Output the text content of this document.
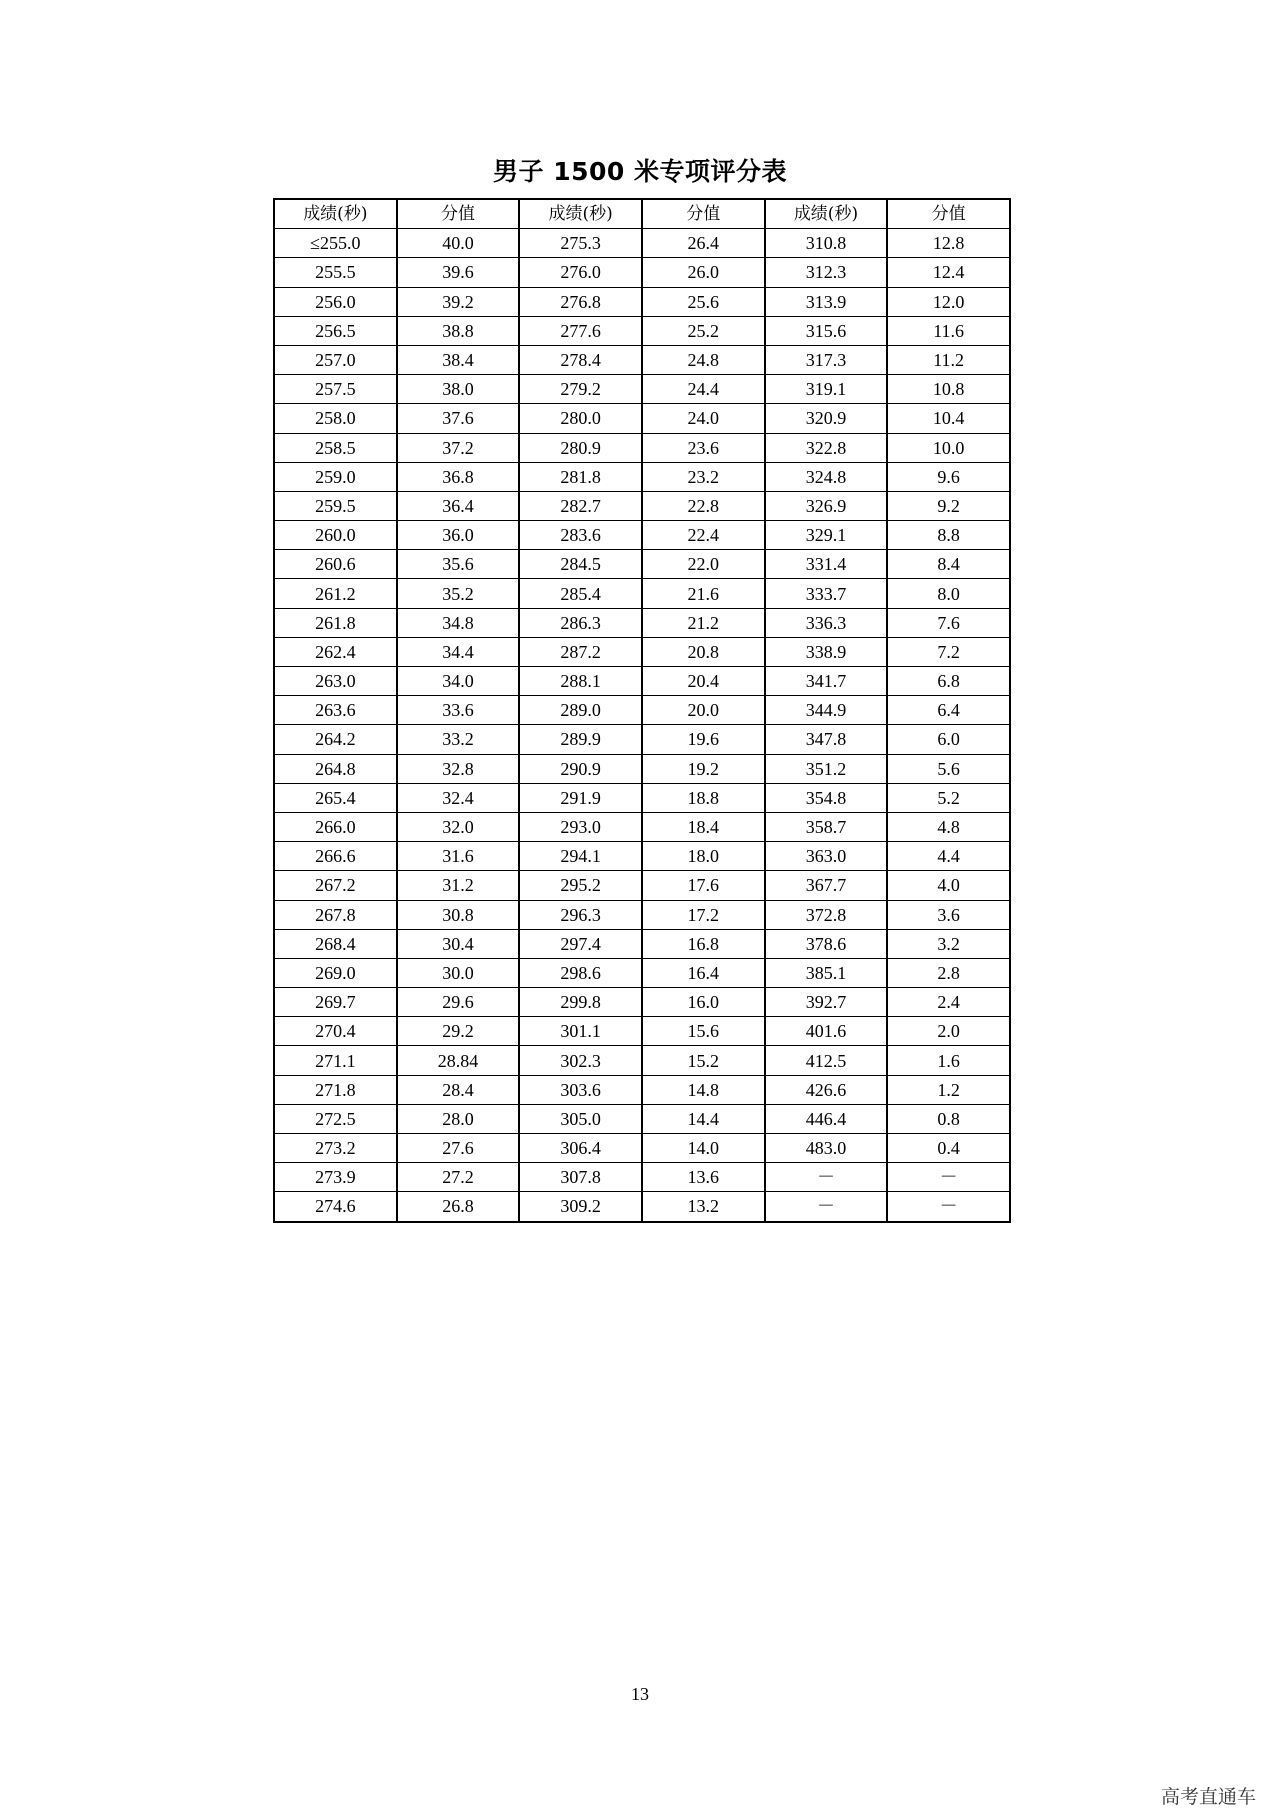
男子 1500 米专项评分表
成绩(秒)	分值	成绩(秒)	分值	成绩(秒)	分值
≤255.0	40.0	275.3	26.4	310.8	12.8
255.5	39.6	276.0	26.0	312.3	12.4
256.0	39.2	276.8	25.6	313.9	12.0
256.5	38.8	277.6	25.2	315.6	11.6
257.0	38.4	278.4	24.8	317.3	11.2
257.5	38.0	279.2	24.4	319.1	10.8
258.0	37.6	280.0	24.0	320.9	10.4
258.5	37.2	280.9	23.6	322.8	10.0
259.0	36.8	281.8	23.2	324.8	9.6
259.5	36.4	282.7	22.8	326.9	9.2
260.0	36.0	283.6	22.4	329.1	8.8
260.6	35.6	284.5	22.0	331.4	8.4
261.2	35.2	285.4	21.6	333.7	8.0
261.8	34.8	286.3	21.2	336.3	7.6
262.4	34.4	287.2	20.8	338.9	7.2
263.0	34.0	288.1	20.4	341.7	6.8
263.6	33.6	289.0	20.0	344.9	6.4
264.2	33.2	289.9	19.6	347.8	6.0
264.8	32.8	290.9	19.2	351.2	5.6
265.4	32.4	291.9	18.8	354.8	5.2
266.0	32.0	293.0	18.4	358.7	4.8
266.6	31.6	294.1	18.0	363.0	4.4
267.2	31.2	295.2	17.6	367.7	4.0
267.8	30.8	296.3	17.2	372.8	3.6
268.4	30.4	297.4	16.8	378.6	3.2
269.0	30.0	298.6	16.4	385.1	2.8
269.7	29.6	299.8	16.0	392.7	2.4
270.4	29.2	301.1	15.6	401.6	2.0
271.1	28.84	302.3	15.2	412.5	1.6
271.8	28.4	303.6	14.8	426.6	1.2
272.5	28.0	305.0	14.4	446.4	0.8
273.2	27.6	306.4	14.0	483.0	0.4
273.9	27.2	307.8	13.6	－	－
274.6	26.8	309.2	13.2	－	－
13
高考直通车
